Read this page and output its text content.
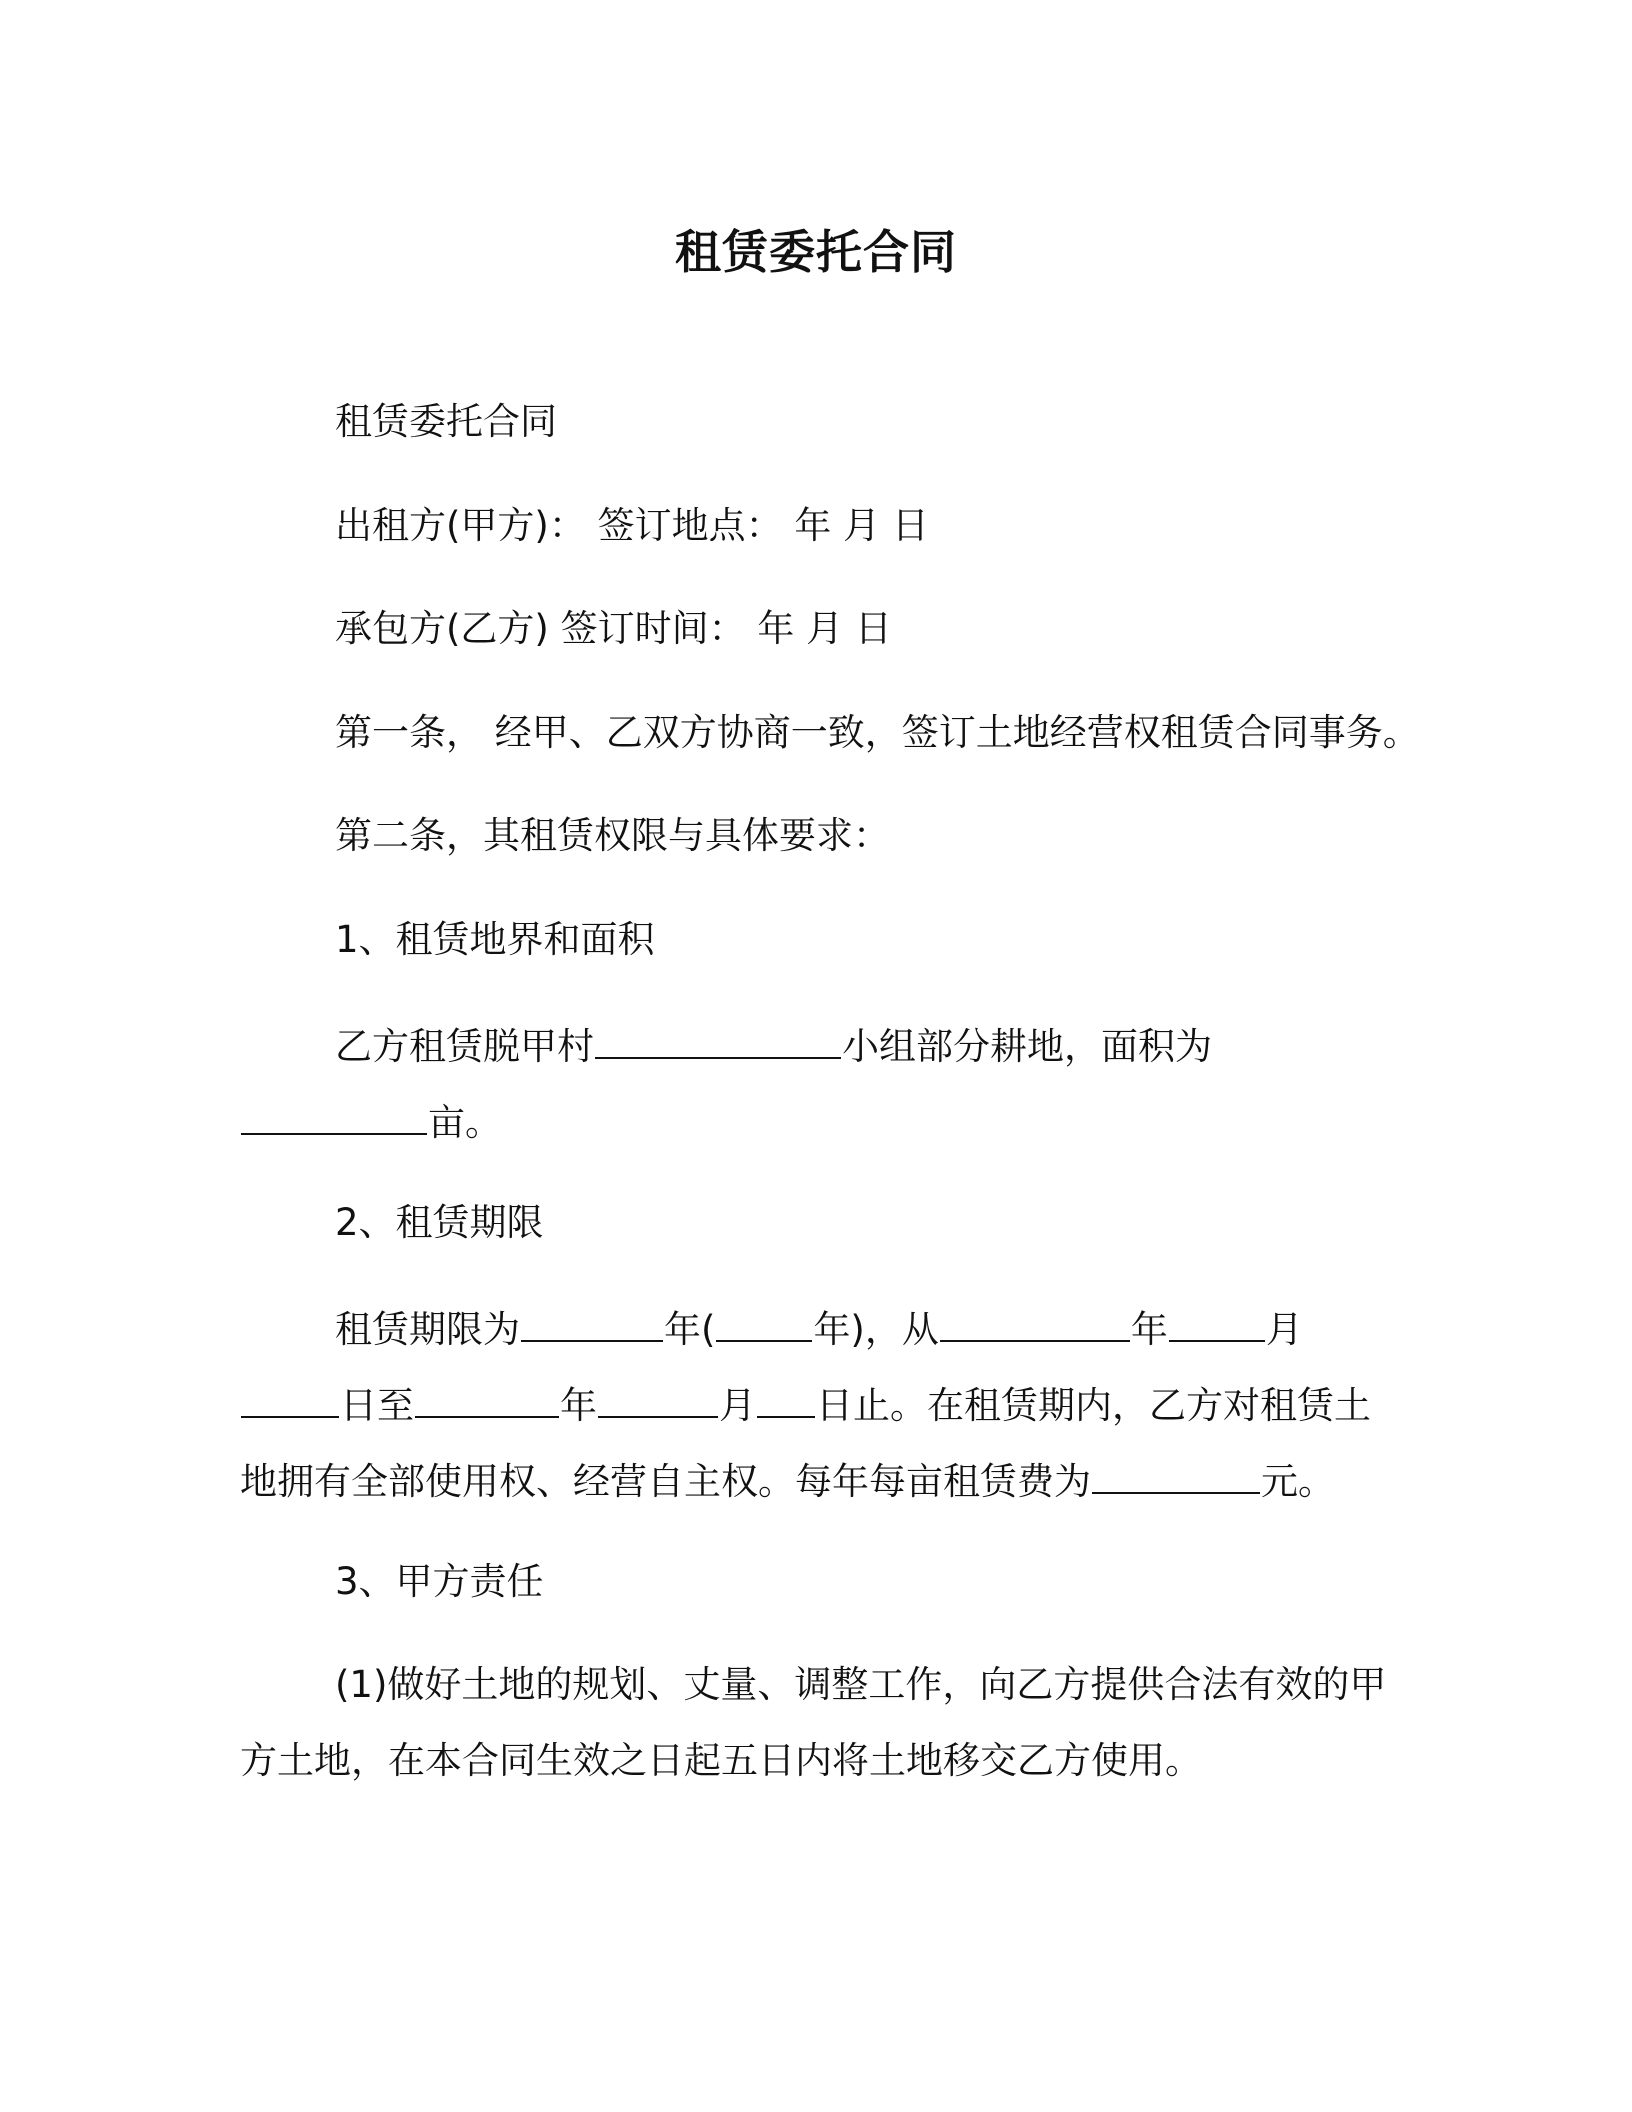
租赁委托合同
租赁委托合同
出租方(甲方)： 签订地点： 年 月 日
承包方(乙方) 签订时间： 年 月 日
第一条， 经甲、乙双方协商一致，签订土地经营权租赁合同事务。
第二条，其租赁权限与具体要求：
1、租赁地界和面积
乙方租赁脱甲村	小组部分耕地，面积为
亩。
2、租赁期限
租赁期限为	年(	年)，从	年	月
日至	年	月 日止。在租赁期内，乙方对租赁土
地拥有全部使用权、经营自主权。每年每亩租赁费为	元。
3、甲方责任
(1)做好土地的规划、丈量、调整工作，向乙方提供合法有效的甲
方土地，在本合同生效之日起五日内将土地移交乙方使用。
